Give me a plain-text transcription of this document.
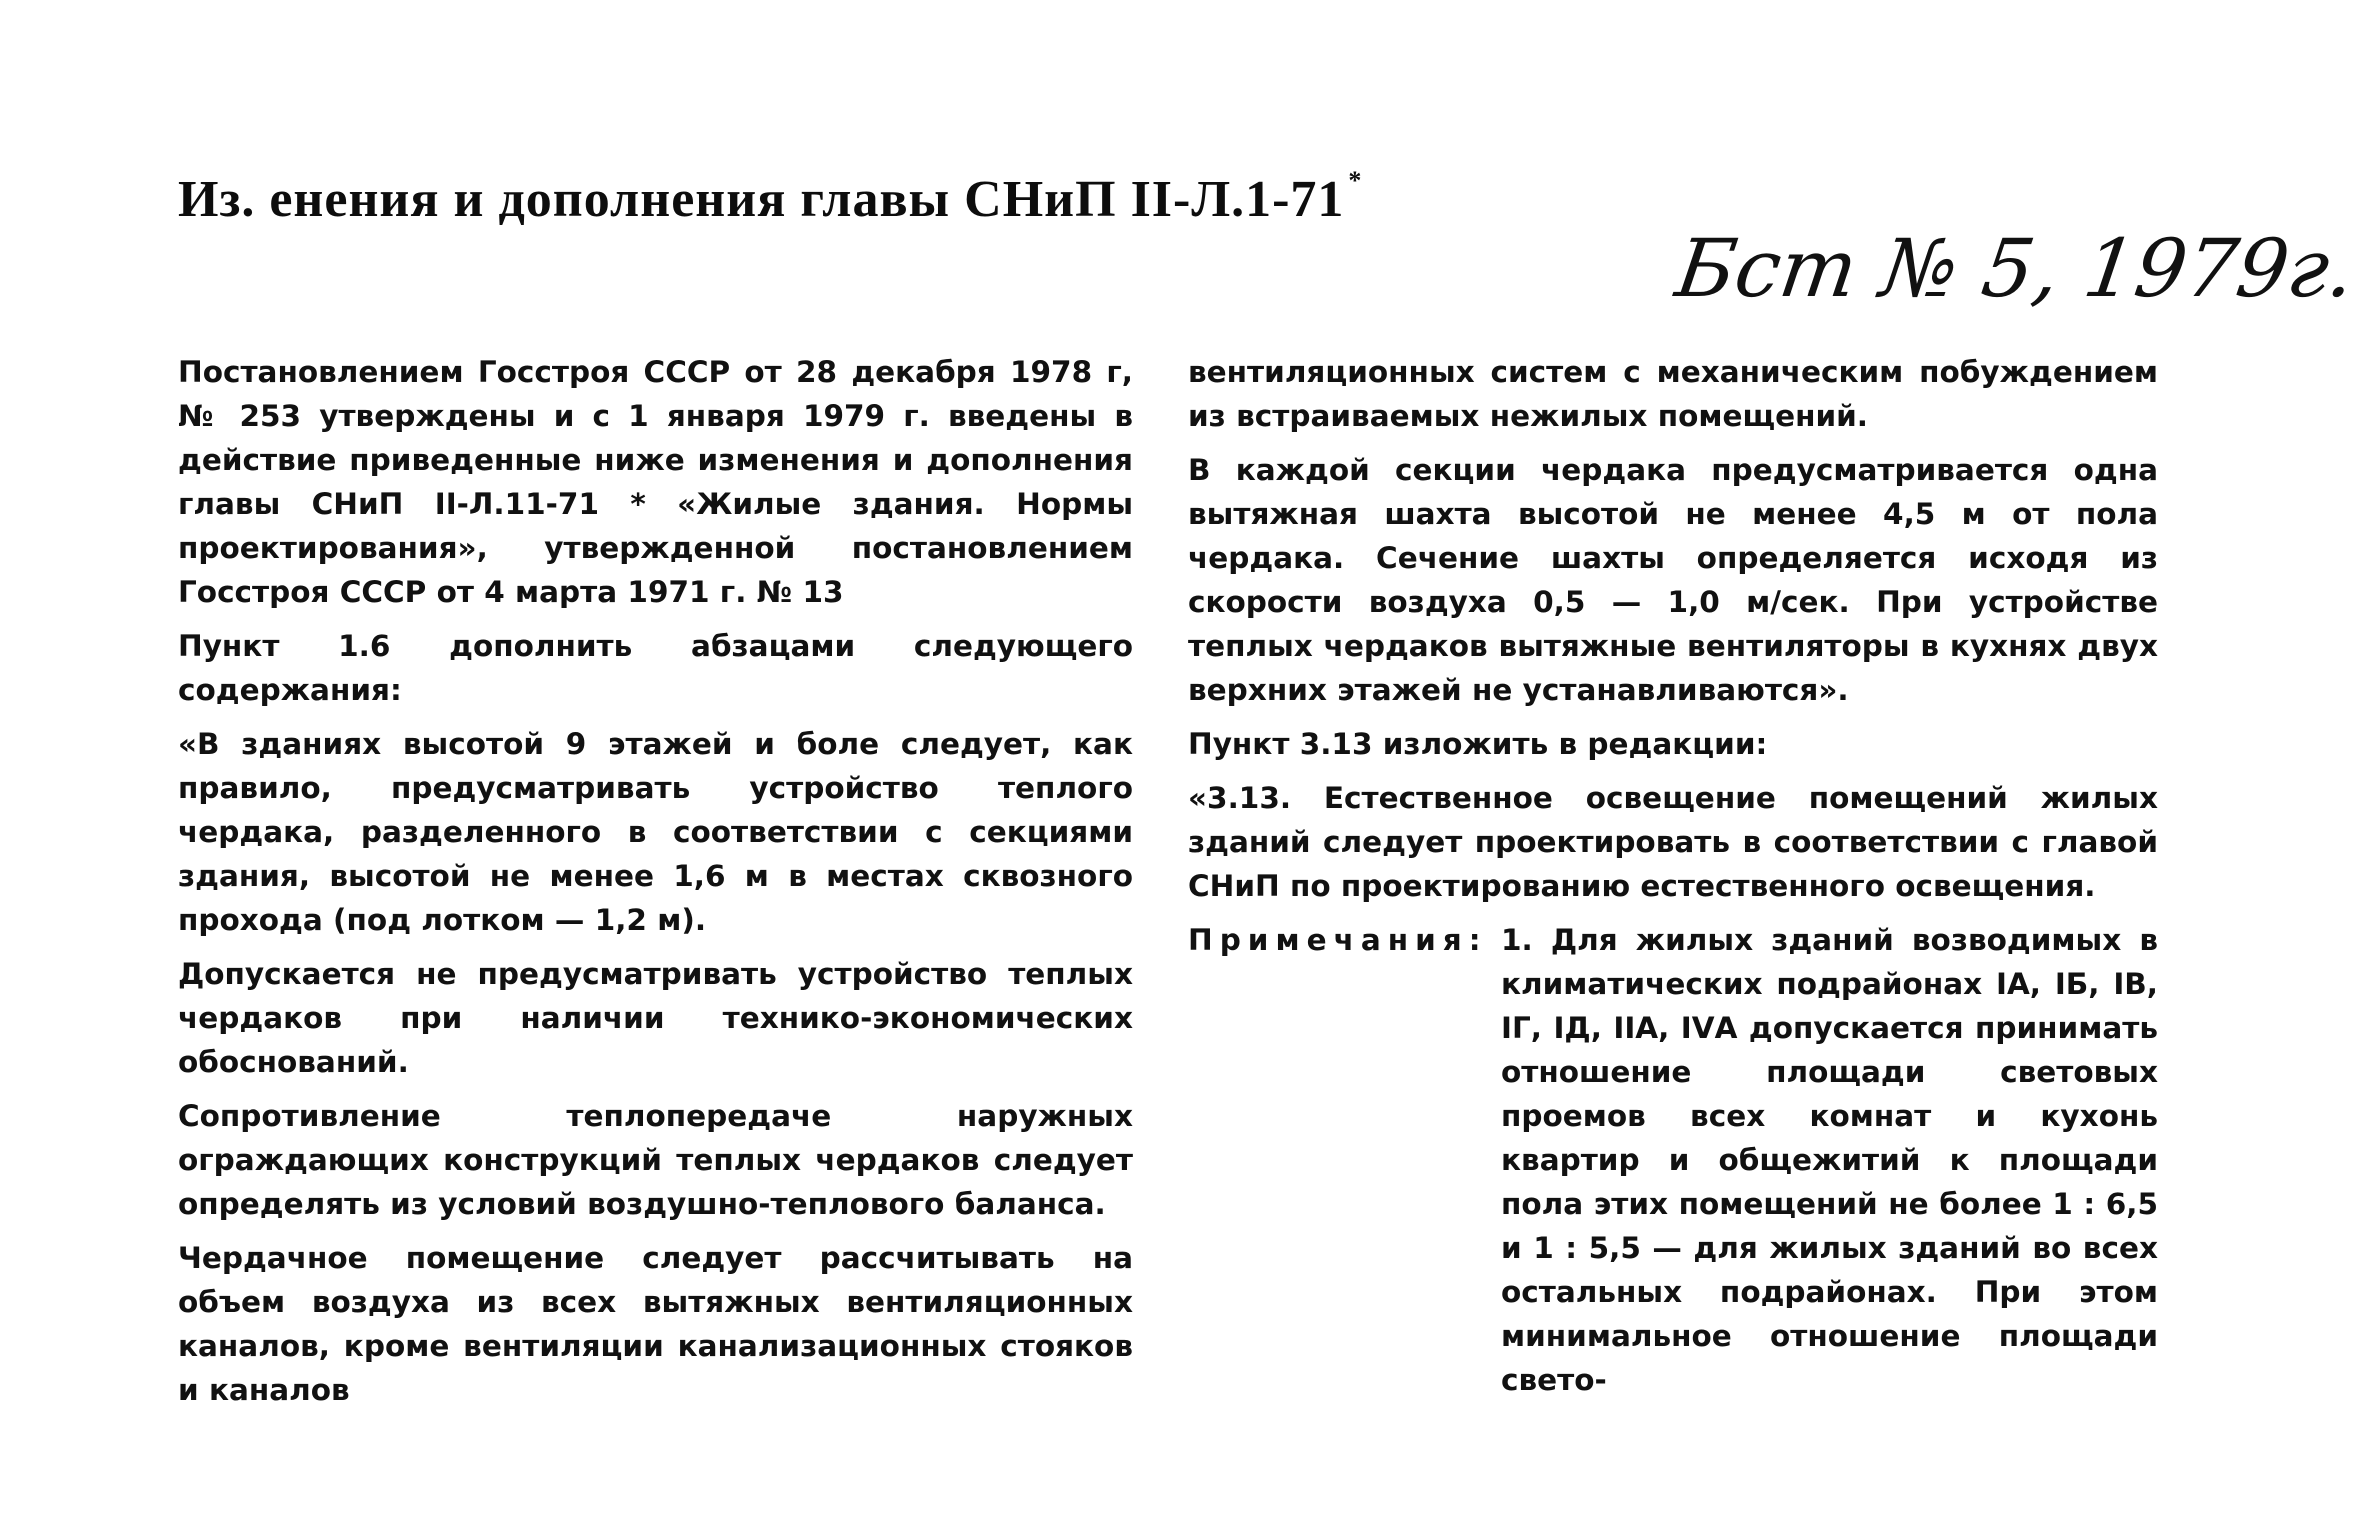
Из. енения и дополнения главы СНиП II-Л.1-71 *
Бст № 5, 1979г.

Постановлением Госстроя СССР от 28 декабря 1978 г, № 253 утверждены и с 1 января 1979 г. введены в действие приведенные ниже изменения и дополнения главы СНиП II-Л.11-71 * «Жилые здания. Нормы проектирования», утвержденной постановлением Госстроя СССР от 4 марта 1971 г. № 13

Пункт 1.6 дополнить абзацами следующего содержания:

«В зданиях высотой 9 этажей и боле следует, как правило, предусматривать устройство теплого чердака, разделенного в соответствии с секциями здания, высотой не менее 1,6 м в местах сквозного прохода (под лотком — 1,2 м).

Допускается не предусматривать устройство теплых чердаков при наличии технико-экономических обоснований.

Сопротивление теплопередаче наружных ограждающих конструкций теплых чердаков следует определять из условий воздушно-теплового баланса.

Чердачное помещение следует рассчитывать на объем воздуха из всех вытяжных вентиляционных каналов, кроме вентиляции канализационных стояков и каналов

вентиляционных систем с механическим побуждением из встраиваемых нежилых помещений.

В каждой секции чердака предусматривается одна вытяжная шахта высотой не менее 4,5 м от пола чердака. Сечение шахты определяется исходя из скорости воздуха 0,5 — 1,0 м/сек. При устройстве теплых чердаков вытяжные вентиляторы в кухнях двух верхних этажей не устанавливаются».

Пункт 3.13 изложить в редакции:

«3.13. Естественное освещение помещений жилых зданий следует проектировать в соответствии с главой СНиП по проектированию естественного освещения.

Примечания: 1. Для жилых зданий возводимых в климатических подрайонах IА, IБ, IВ, IГ, IД, IIА, IVА допускается принимать отношение площади световых проемов всех комнат и кухонь квартир и общежитий к площади пола этих помещений не более 1 : 6,5 и 1 : 5,5 — для жилых зданий во всех остальных подрайонах. При этом минимальное отношение площади свето-
